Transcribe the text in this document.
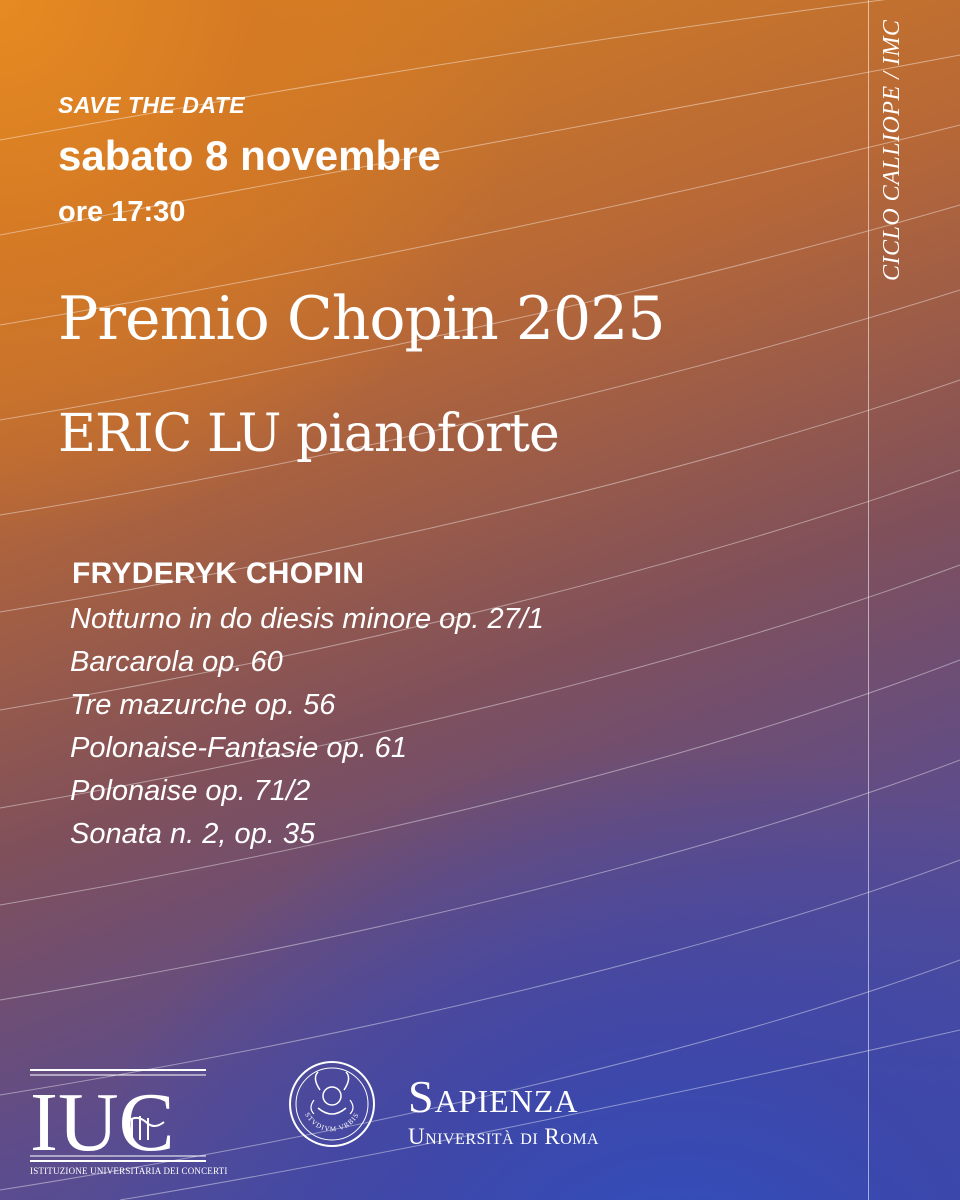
CICLO CALLIOPE / IMC
SAVE THE DATE
sabato 8 novembre
ore 17:30
Premio Chopin 2025
ERIC LU pianoforte
FRYDERYK CHOPIN
Notturno in do diesis minore op. 27/1
Barcarola op. 60
Tre mazurche op. 56
Polonaise-Fantasie op. 61
Polonaise op. 71/2
Sonata n. 2, op. 35
IUC
ISTITUZIONE UNIVERSITARIA DEI CONCERTI
STVDIVM VRBIS Sapienza
Università di Roma
